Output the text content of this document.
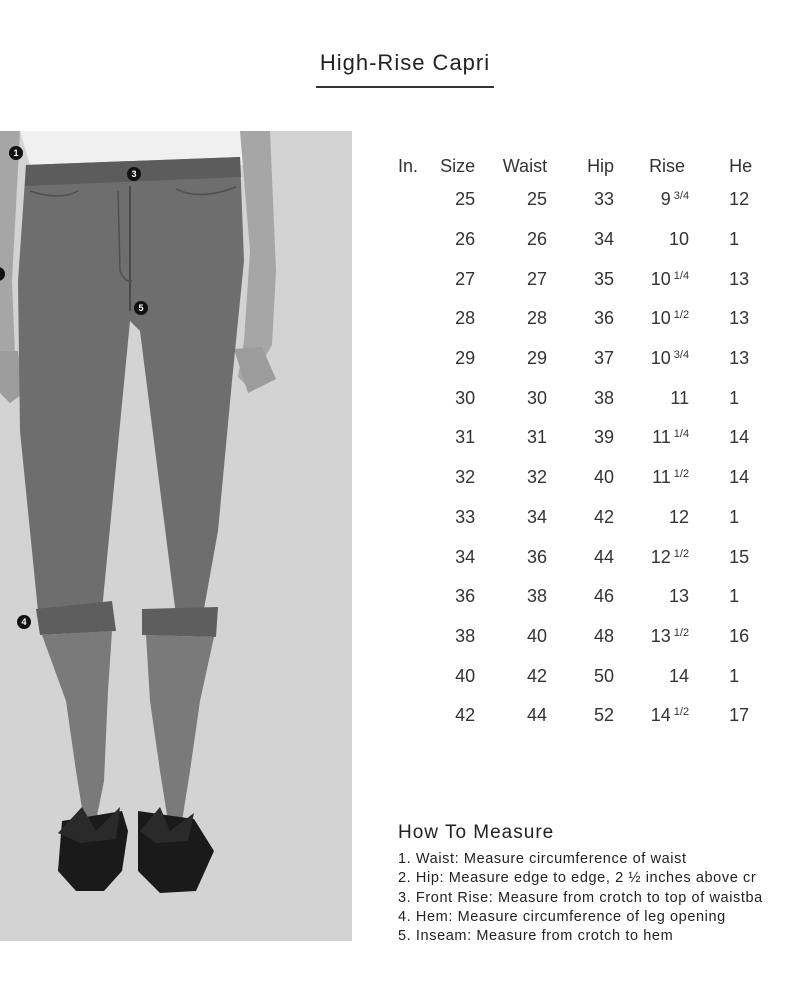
High-Rise Capri
1
3
4
5
In.	Size	Waist	Hip	Rise	He
	25	25	33	9 $^{3/4}$	12
	26	26	34	10	1
	27	27	35	10 $^{1/4}$	13
	28	28	36	10 $^{1/2}$	13
	29	29	37	10 $^{3/4}$	13
	30	30	38	11	1
	31	31	39	11 $^{1/4}$	14
	32	32	40	11 $^{1/2}$	14
	33	34	42	12	1
	34	36	44	12 $^{1/2}$	15
	36	38	46	13	1
	38	40	48	13 $^{1/2}$	16
	40	42	50	14	1
	42	44	52	14 $^{1/2}$	17
How To Measure
1. Waist: Measure circumference of waist
2. Hip: Measure edge to edge, 2 ½ inches above cr
3. Front Rise: Measure from crotch to top of waistba
4. Hem: Measure circumference of leg opening
5. Inseam: Measure from crotch to hem
